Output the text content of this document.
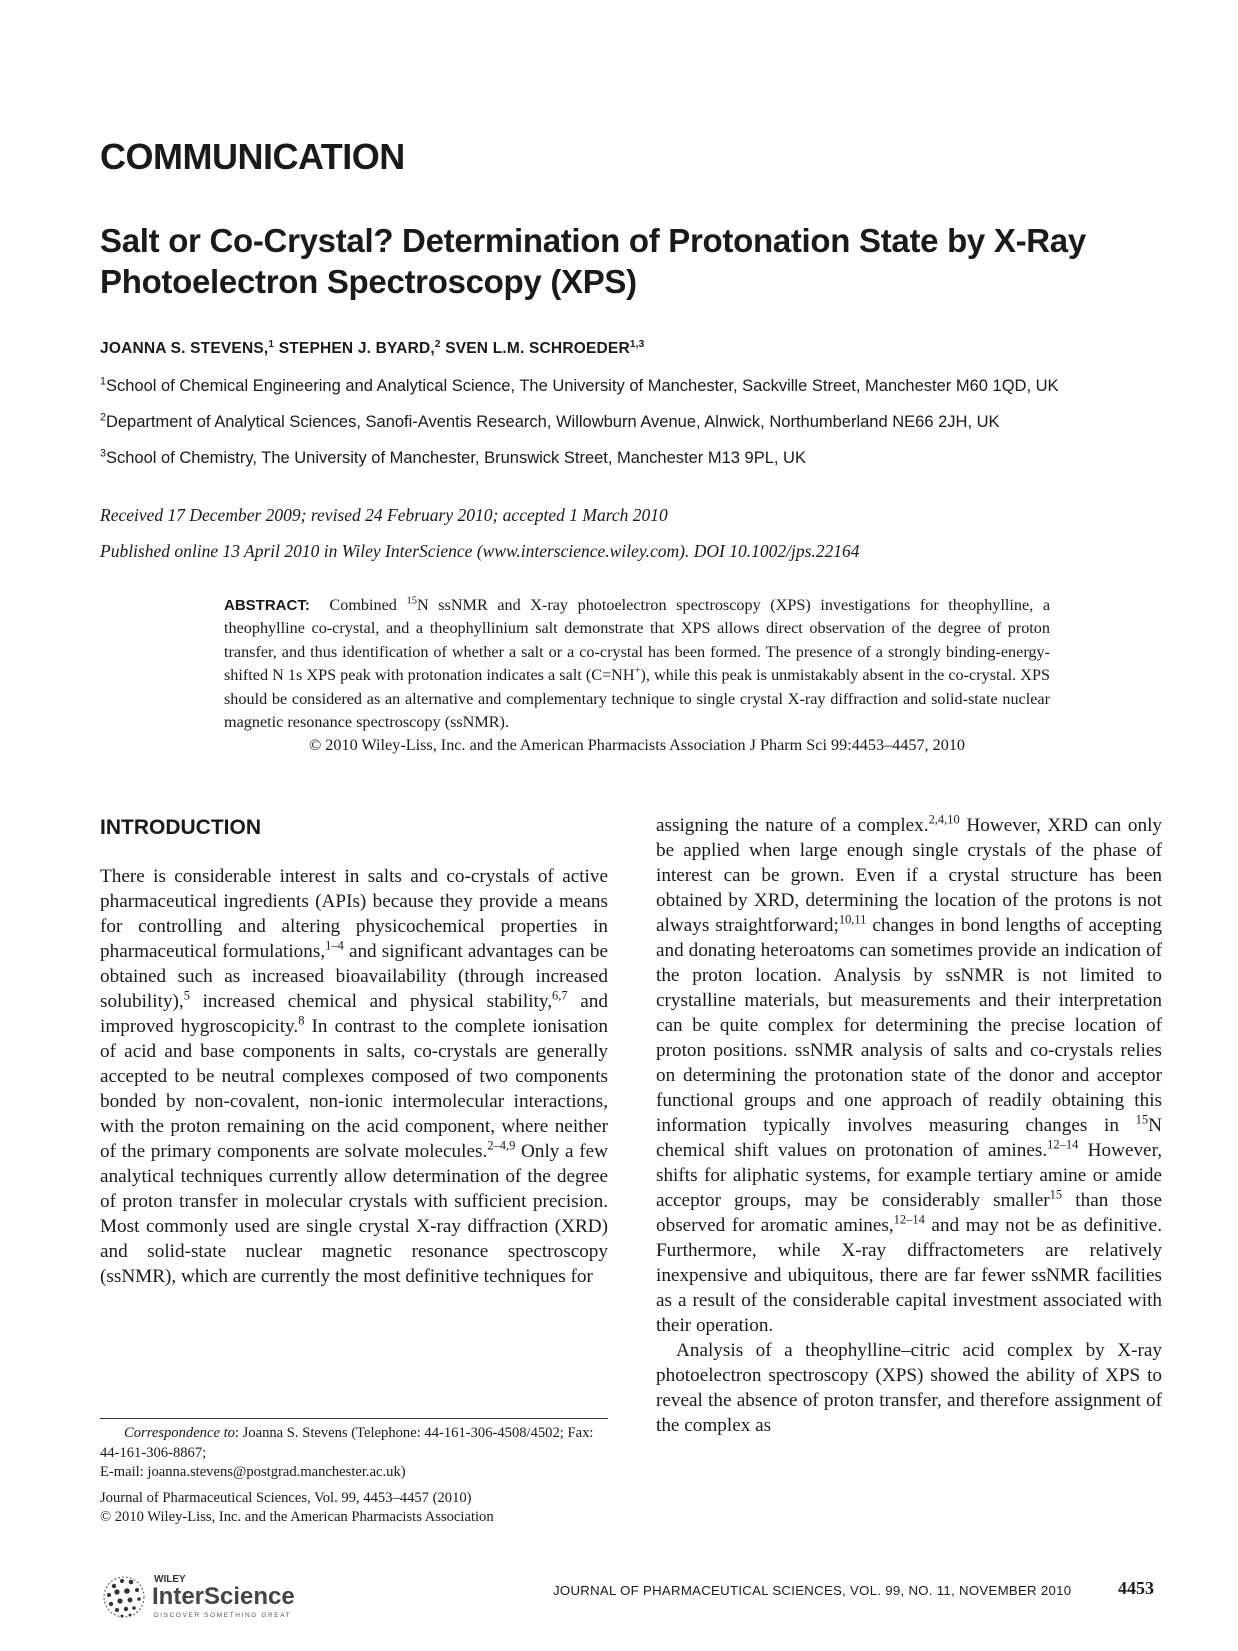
COMMUNICATION
Salt or Co-Crystal? Determination of Protonation State by X-Ray Photoelectron Spectroscopy (XPS)
JOANNA S. STEVENS,$^1$ STEPHEN J. BYARD,$^2$ SVEN L.M. SCHROEDER$^{1,3}$
$^1$School of Chemical Engineering and Analytical Science, The University of Manchester, Sackville Street, Manchester M60 1QD, UK
$^2$Department of Analytical Sciences, Sanofi-Aventis Research, Willowburn Avenue, Alnwick, Northumberland NE66 2JH, UK
$^3$School of Chemistry, The University of Manchester, Brunswick Street, Manchester M13 9PL, UK
Received 17 December 2009; revised 24 February 2010; accepted 1 March 2010
Published online 13 April 2010 in Wiley InterScience (www.interscience.wiley.com). DOI 10.1002/jps.22164
ABSTRACT: Combined $^{15}$N ssNMR and X-ray photoelectron spectroscopy (XPS) investigations for theophylline, a theophylline co-crystal, and a theophyllinium salt demonstrate that XPS allows direct observation of the degree of proton transfer, and thus identification of whether a salt or a co-crystal has been formed. The presence of a strongly binding-energy-shifted N 1s XPS peak with protonation indicates a salt (C=NH+), while this peak is unmistakably absent in the co-crystal. XPS should be considered as an alternative and complementary technique to single crystal X-ray diffraction and solid-state nuclear magnetic resonance spectroscopy (ssNMR).

© 2010 Wiley-Liss, Inc. and the American Pharmacists Association J Pharm Sci 99:4453–4457, 2010
INTRODUCTION

There is considerable interest in salts and co-crystals of active pharmaceutical ingredients (APIs) because they provide a means for controlling and altering physicochemical properties in pharmaceutical formulations,$^{1-4}$ and significant advantages can be obtained such as increased bioavailability (through increased solubility),$^5$ increased chemical and physical stability,$^{6,7}$ and improved hygroscopicity.$^8$ In contrast to the complete ionisation of acid and base components in salts, co-crystals are generally accepted to be neutral complexes composed of two components bonded by non-covalent, non-ionic intermolecular interactions, with the proton remaining on the acid component, where neither of the primary components are solvate molecules.$^{2-4,9}$ Only a few analytical techniques currently allow determination of the degree of proton transfer in molecular crystals with sufficient precision. Most commonly used are single crystal X-ray diffraction (XRD) and solid-state nuclear magnetic resonance spectroscopy (ssNMR), which are currently the most definitive techniques for

assigning the nature of a complex.$^{2,4,10}$ However, XRD can only be applied when large enough single crystals of the phase of interest can be grown. Even if a crystal structure has been obtained by XRD, determining the location of the protons is not always straightforward;$^{10,11}$ changes in bond lengths of accepting and donating heteroatoms can sometimes provide an indication of the proton location. Analysis by ssNMR is not limited to crystalline materials, but measurements and their interpretation can be quite complex for determining the precise location of proton positions. ssNMR analysis of salts and co-crystals relies on determining the protonation state of the donor and acceptor functional groups and one approach of readily obtaining this information typically involves measuring changes in $^{15}$N chemical shift values on protonation of amines.$^{12-14}$ However, shifts for aliphatic systems, for example tertiary amine or amide acceptor groups, may be considerably smaller$^{15}$ than those observed for aromatic amines,$^{12-14}$ and may not be as definitive. Furthermore, while X-ray diffractometers are relatively inexpensive and ubiquitous, there are far fewer ssNMR facilities as a result of the considerable capital investment associated with their operation.

Analysis of a theophylline–citric acid complex by X-ray photoelectron spectroscopy (XPS) showed the ability of XPS to reveal the absence of proton transfer, and therefore assignment of the complex as

Correspondence to: Joanna S. Stevens (Telephone: 44-161-306-4508/4502; Fax: 44-161-306-8867;

E-mail: joanna.stevens@postgrad.manchester.ac.uk)

Journal of Pharmaceutical Sciences, Vol. 99, 4453–4457 (2010)

© 2010 Wiley-Liss, Inc. and the American Pharmacists Association

WILEY
InterScience
DISCOVER SOMETHING GREAT
JOURNAL OF PHARMACEUTICAL SCIENCES, VOL. 99, NO. 11, NOVEMBER 2010	4453
